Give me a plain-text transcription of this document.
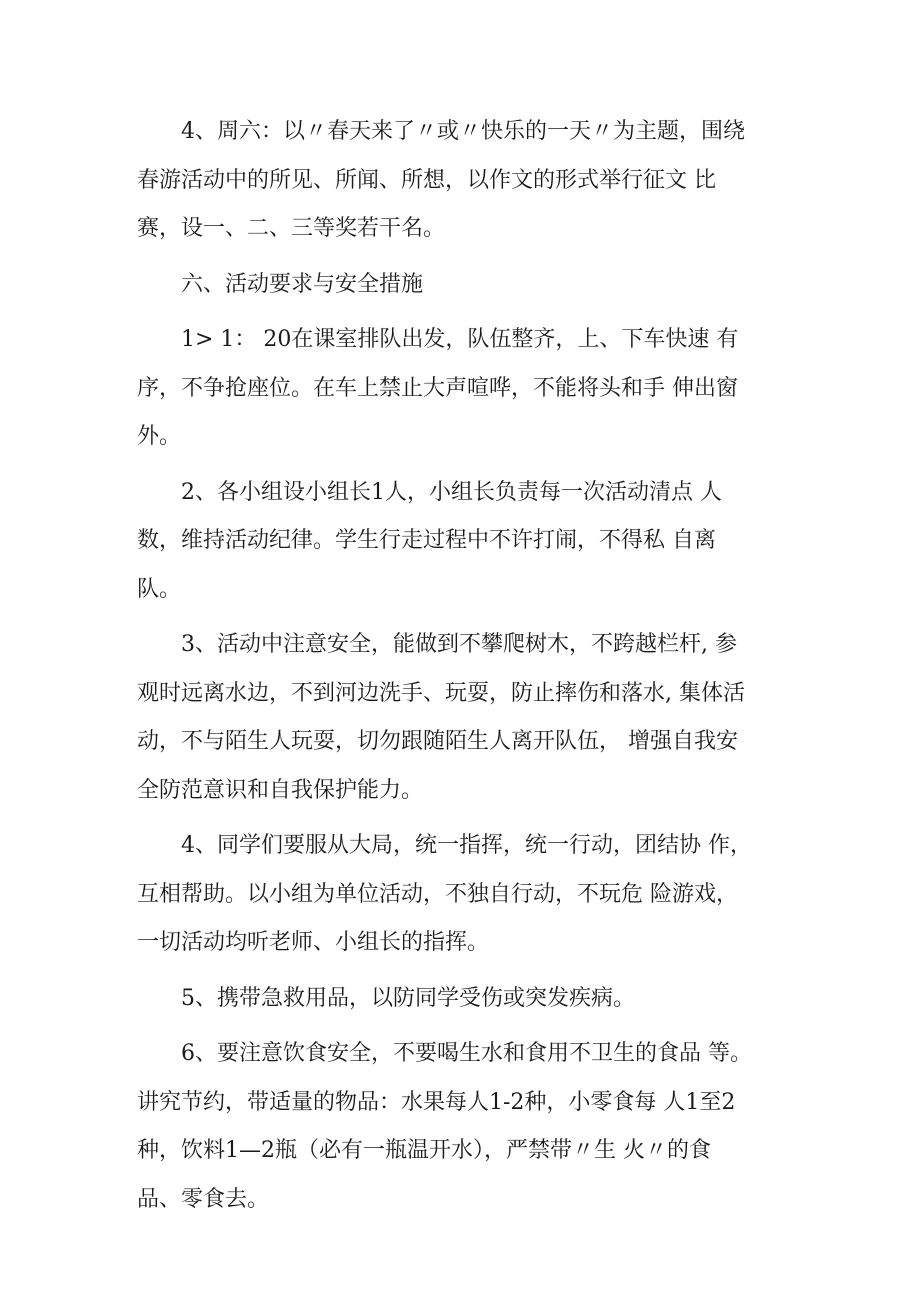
4、周六：以〃春天来了〃或〃快乐的一天〃为主题，围绕
春游活动中的所见、所闻、所想，以作文的形式举行征文 比
赛，设一、二、三等奖若干名。
六、活动要求与安全措施
1> 1： 20在课室排队出发，队伍整齐，上、下车快速 有
序，不争抢座位。在车上禁止大声喧哗，不能将头和手 伸出窗
外。
2、各小组设小组长1人，小组长负责每一次活动清点 人
数，维持活动纪律。学生行走过程中不许打闹，不得私 自离
队。
3、活动中注意安全，能做到不攀爬树木，不跨越栏杆, 参
观时远离水边，不到河边洗手、玩耍，防止摔伤和落水, 集体活
动，不与陌生人玩耍，切勿跟随陌生人离开队伍， 增强自我安
全防范意识和自我保护能力。
4、同学们要服从大局，统一指挥，统一行动，团结协 作，
互相帮助。以小组为单位活动，不独自行动，不玩危 险游戏，
一切活动均听老师、小组长的指挥。
5、携带急救用品，以防同学受伤或突发疾病。
6、要注意饮食安全，不要喝生水和食用不卫生的食品 等。
讲究节约，带适量的物品：水果每人1-2种，小零食每 人1至2
种，饮料1—2瓶（必有一瓶温开水），严禁带〃生 火〃的食
品、零食去。
